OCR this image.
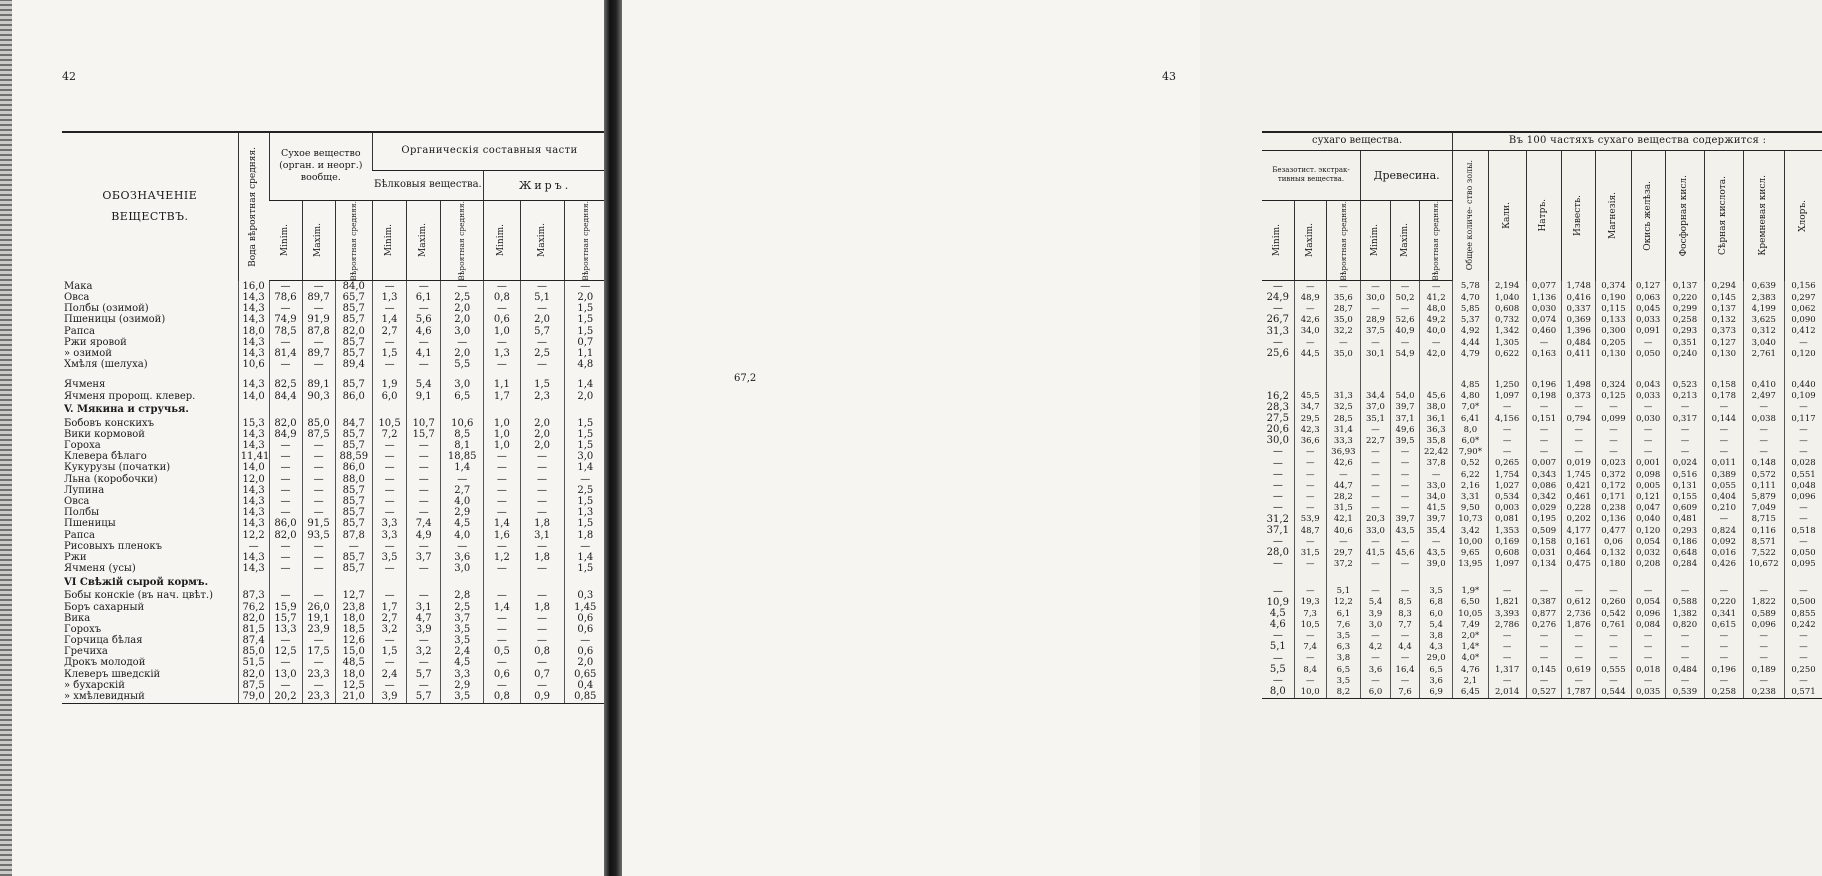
42
ОБОЗНАЧЕНІЕ ВЕЩЕСТВЪ.	Вода вѣроятная средняя.	Сухое вещество (орган. и неорг.) вообще.

Органическія составныя части

Бѣлковыя вещества.	Жиръ.

Minim.	Maxim.	Вѣроятная средняя.	Minim.	Maxim.	Вѣроятная средняя.	Minim.	Maxim.	Вѣроятная средняя.

Мака	16,0	—	—	84,0	—	—	—	—	—	—
Овса	14,3	78,6	89,7	65,7	1,3	6,1	2,5	0,8	5,1	2,0
Полбы (озимой)	14,3	—	—	85,7	—	—	2,0	—	—	1,5
Пшеницы (озимой)	14,3	74,9	91,9	85,7	1,4	5,6	2,0	0,6	2,0	1,5
Рапса	18,0	78,5	87,8	82,0	2,7	4,6	3,0	1,0	5,7	1,5
Ржи яровой	14,3	—	—	85,7	—	—	—	—	—	0,7
» озимой	14,3	81,4	89,7	85,7	1,5	4,1	2,0	1,3	2,5	1,1
Хмѣля (шелуха)	10,6	—	—	89,4	—	—	5,5	—	—	4,8

Ячменя	14,3	82,5	89,1	85,7	1,9	5,4	3,0	1,1	1,5	1,4
Ячменя пророщ. клевер.	14,0	84,4	90,3	86,0	6,0	9,1	6,5	1,7	2,3	2,0
V. Мякина и стручья.										
Бобовъ конскихъ	15,3	82,0	85,0	84,7	10,5	10,7	10,6	1,0	2,0	1,5
Вики кормовой	14,3	84,9	87,5	85,7	7,2	15,7	8,5	1,0	2,0	1,5
Гороха	14,3	—	—	85,7	—	—	8,1	1,0	2,0	1,5
Клевера бѣлаго	11,41	—	—	88,59	—	—	18,85	—	—	3,0
Кукурузы (початки)	14,0	—	—	86,0	—	—	1,4	—	—	1,4
Льна (коробочки)	12,0	—	—	88,0	—	—	—	—	—	—
Лупина	14,3	—	—	85,7	—	—	2,7	—	—	2,5
Овса	14,3	—	—	85,7	—	—	4,0	—	—	1,5
Полбы	14,3	—	—	85,7	—	—	2,9	—	—	1,3
Пшеницы	14,3	86,0	91,5	85,7	3,3	7,4	4,5	1,4	1,8	1,5
Рапса	12,2	82,0	93,5	87,8	3,3	4,9	4,0	1,6	3,1	1,8
Рисовыхъ пленокъ	—	—	—	—	—	—	—	—	—	—
Ржи	14,3	—	—	85,7	3,5	3,7	3,6	1,2	1,8	1,4
Ячменя (усы)	14,3	—	—	85,7	—	—	3,0	—	—	1,5
VI Свѣжій сырой кормъ.										
Бобы конскіе (въ нач. цвѣт.)	87,3	—	—	12,7	—	—	2,8	—	—	0,3
Боръ сахарный	76,2	15,9	26,0	23,8	1,7	3,1	2,5	1,4	1,8	1,45
Вика	82,0	15,7	19,1	18,0	2,7	4,7	3,7	—	—	0,6
Горохъ	81,5	13,3	23,9	18,5	3,2	3,9	3,5	—	—	0,6
Горчица бѣлая	87,4	—	—	12,6	—	—	3,5	—	—	—
Гречиха	85,0	12,5	17,5	15,0	1,5	3,2	2,4	0,5	0,8	0,6
Дрокъ молодой	51,5	—	—	48,5	—	—	4,5	—	—	2,0
Клеверъ шведскій	82,0	13,0	23,3	18,0	2,4	5,7	3,3	0,6	0,7	0,65
» бухарскій	87,5	—	—	12,5	—	—	2,9	—	—	0,4
» хмѣлевидный	79,0	20,2	23,3	21,0	3,9	5,7	3,5	0,8	0,9	0,85
43
сухаго вещества.	Въ 100 частяхъ сухаго вещества содержится :

Безазотист. экстрак- тивныя вещества.	Древесина.	Общее количе- ство золы.	Кали.	Натръ.	Известь.	Магнезія.	Окись желѣза.	Фосфорная кисл.	Сѣрная кислота.	Кремневая кисл.	Хлоръ.

Minim.	Maxim.	Вѣроятная средняя.	Minim.	Maxim.	Вѣроятная средняя.

—	—	—	—	—	—	5,78	2,194	0,077	1,748	0,374	0,127	0,137	0,294	0,639	0,156
24,9	48,9	35,6	30,0	50,2	41,2	4,70	1,040	1,136	0,416	0,190	0,063	0,220	0,145	2,383	0,297
—	—	28,7	—	—	48,0	5,85	0,608	0,030	0,337	0,115	0,045	0,299	0,137	4,199	0,062
26,7	42,6	35,0	28,9	52,6	49,2	5,37	0,732	0,074	0,369	0,133	0,033	0,258	0,132	3,625	0,090
31,3	34,0	32,2	37,5	40,9	40,0	4,92	1,342	0,460	1,396	0,300	0,091	0,293	0,373	0,312	0,412
—	—	—	—	—	—	4,44	1,305	—	0,484	0,205	—	0,351	0,127	3,040	—
25,6	44,5	35,0	30,1	54,9	42,0	4,79	0,622	0,163	0,411	0,130	0,050	0,240	0,130	2,761	0,120

						4,85	1,250	0,196	1,498	0,324	0,043	0,523	0,158	0,410	0,440
16,2	45,5	31,3	34,4	54,0	45,6	4,80	1,097	0,198	0,373	0,125	0,033	0,213	0,178	2,497	0,109
28,3	34,7	32,5	37,0	39,7	38,0	7,0*	—	—	—	—	—	—	—	—	—
27,5	29,5	28,5	35,1	37,1	36,1	6,41	4,156	0,151	0,794	0,099	0,030	0,317	0,144	0,038	0,117
20,6	42,3	31,4	—	49,6	36,3	8,0	—	—	—	—	—	—	—	—	—
30,0	36,6	33,3	22,7	39,5	35,8	6,0*	—	—	—	—	—	—	—	—	—
—	—	36,93	—	—	22,42	7,90*	—	—	—	—	—	—	—	—	—
—	—	42,6	—	—	37,8	0,52	0,265	0,007	0,019	0,023	0,001	0,024	0,011	0,148	0,028
—	—	—	—	—	—	6,22	1,754	0,343	1,745	0,372	0,098	0,516	0,389	0,572	0,551
—	—	44,7	—	—	33,0	2,16	1,027	0,086	0,421	0,172	0,005	0,131	0,055	0,111	0,048
—	—	28,2	—	—	34,0	3,31	0,534	0,342	0,461	0,171	0,121	0,155	0,404	5,879	0,096
—	—	31,5	—	—	41,5	9,50	0,003	0,029	0,228	0,238	0,047	0,609	0,210	7,049	—
31,2	53,9	42,1	20,3	39,7	39,7	10,73	0,081	0,195	0,202	0,136	0,040	0,481	—	8,715	—
37,1	48,7	40,6	33,0	43,5	35,4	3,42	1,353	0,509	4,177	0,477	0,120	0,293	0,824	0,116	0,518
—	—	—	—	—	—	10,00	0,169	0,158	0,161	0,06	0,054	0,186	0,092	8,571	—
28,0	31,5	29,7	41,5	45,6	43,5	9,65	0,608	0,031	0,464	0,132	0,032	0,648	0,016	7,522	0,050
—	—	37,2	—	—	39,0	13,95	1,097	0,134	0,475	0,180	0,208	0,284	0,426	10,672	0,095

—	—	5,1	—	—	3,5	1,9*	—	—	—	—	—	—	—	—	—
10,9	19,3	12,2	5,4	8,5	6,8	6,50	1,821	0,387	0,612	0,260	0,054	0,588	0,220	1,822	0,500
4,5	7,3	6,1	3,9	8,3	6,0	10,05	3,393	0,877	2,736	0,542	0,096	1,382	0,341	0,589	0,855
4,6	10,5	7,6	3,0	7,7	5,4	7,49	2,786	0,276	1,876	0,761	0,084	0,820	0,615	0,096	0,242
—	—	3,5	—	—	3,8	2,0*	—	—	—	—	—	—	—	—	—
5,1	7,4	6,3	4,2	4,4	4,3	1,4*	—	—	—	—	—	—	—	—	—
—	—	3,8	—	—	29,0	4,0*	—	—	—	—	—	—	—	—	—
5,5	8,4	6,5	3,6	16,4	6,5	4,76	1,317	0,145	0,619	0,555	0,018	0,484	0,196	0,189	0,250
—	—	3,5	—	—	3,6	2,1	—	—	—	—	—	—	—	—	—
8,0	10,0	8,2	6,0	7,6	6,9	6,45	2,014	0,527	1,787	0,544	0,035	0,539	0,258	0,238	0,571
67,2
